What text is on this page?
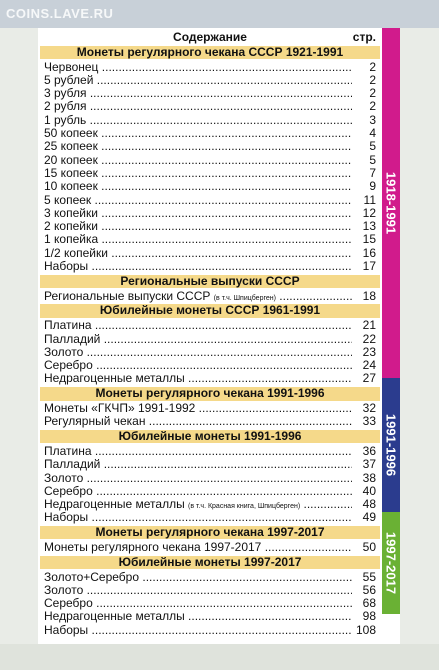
COINS.LAVE.RU
1918-1991
1991-1996
1997-2017
Содержание	стр.
Монеты регулярного чекана СССР 1921-1991
Червонец .....	2
5 рублей .....	2
3 рубля .....	2
2 рубля .....	2
1 рубль .....	3
50 копеек .....	4
25 копеек .....	5
20 копеек .....	5
15 копеек .....	7
10 копеек .....	9
5 копеек .....	11
3 копейки .....	12
2 копейки .....	13
1 копейка .....	15
1/2 копейки .....	16
Наборы .....	17
Региональные выпуски СССР
Региональные выпуски СССР (в т.ч. Шпицберген) .....	18
Юбилейные монеты СССР 1961-1991
Платина .....	21
Палладий .....	22
Золото .....	23
Серебро .....	24
Недрагоценные металлы .....	27
Монеты регулярного чекана 1991-1996
Монеты «ГКЧП» 1991-1992 .....	32
Регулярный чекан .....	33
Юбилейные монеты 1991-1996
Платина .....	36
Палладий .....	37
Золото .....	38
Серебро .....	40
Недрагоценные металлы (в т.ч. Красная книга, Шпицберген) .....	48
Наборы .....	49
Монеты регулярного чекана 1997-2017
Монеты регулярного чекана 1997-2017 .....	50
Юбилейные монеты 1997-2017
Золото+Серебро .....	55
Золото .....	56
Серебро .....	68
Недрагоценные металлы .....	98
Наборы .....	108
